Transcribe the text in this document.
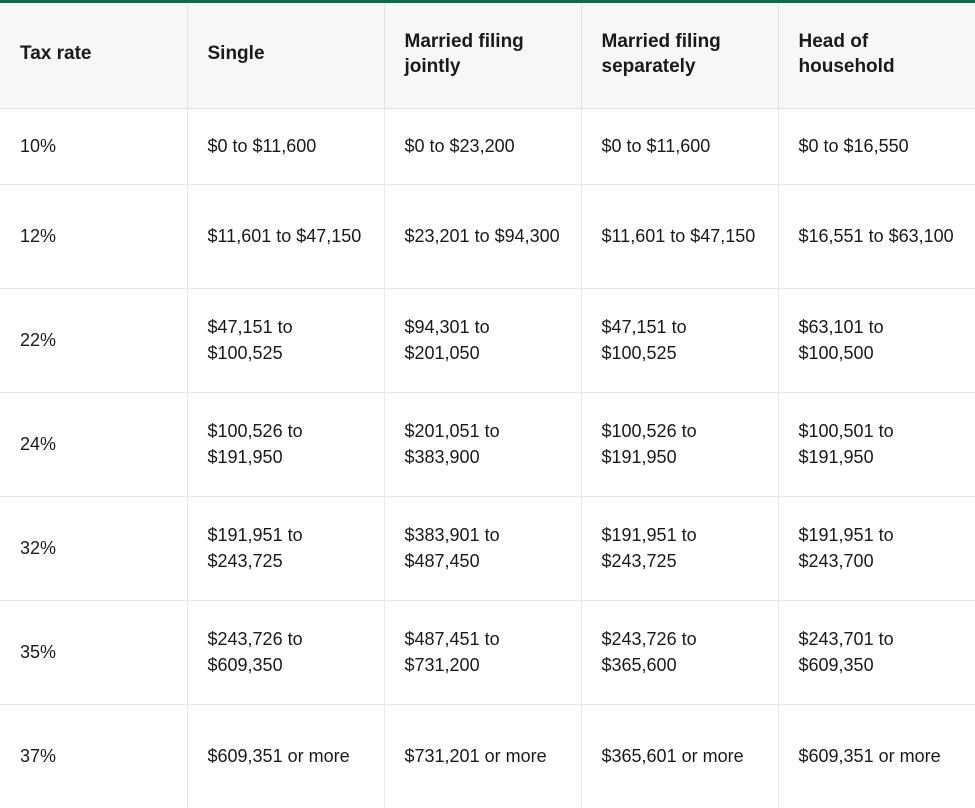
Tax rate	Single	Married filing jointly	Married filing separately	Head of household
10%	$0 to $11,600	$0 to $23,200	$0 to $11,600	$0 to $16,550
12%	$11,601 to $47,150	$23,201 to $94,300	$11,601 to $47,150	$16,551 to $63,100
22%	$47,151 to $100,525	$94,301 to $201,050	$47,151 to $100,525	$63,101 to $100,500
24%	$100,526 to $191,950	$201,051 to $383,900	$100,526 to $191,950	$100,501 to $191,950
32%	$191,951 to $243,725	$383,901 to $487,450	$191,951 to $243,725	$191,951 to $243,700
35%	$243,726 to $609,350	$487,451 to $731,200	$243,726 to $365,600	$243,701 to $609,350
37%	$609,351 or more	$731,201 or more	$365,601 or more	$609,351 or more
